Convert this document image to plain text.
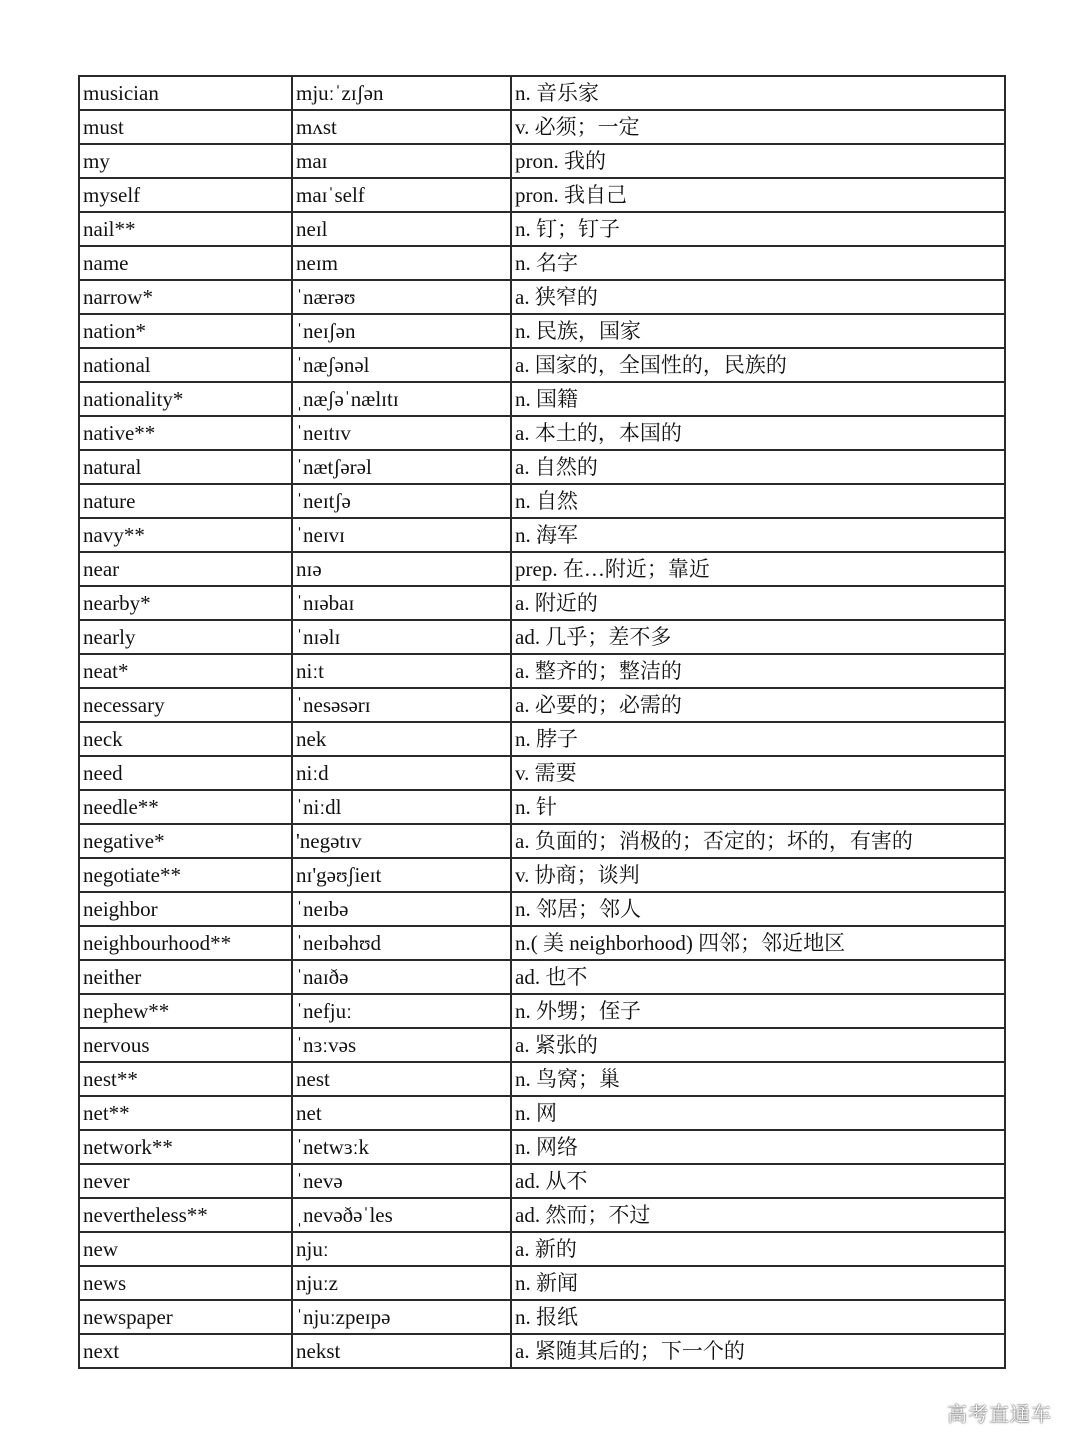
musician	mjuːˈzɪʃən	n. 音乐家
must	mʌst	v. 必须；一定
my	maɪ	pron. 我的
myself	maɪˈself	pron. 我自己
nail**	neɪl	n. 钉；钉子
name	neɪm	n. 名字
narrow*	ˈnærəʊ	a. 狭窄的
nation*	ˈneɪʃən	n. 民族，国家
national	ˈnæʃənəl	a. 国家的，全国性的，民族的
nationality*	ˌnæʃəˈnælɪtɪ	n. 国籍
native**	ˈneɪtɪv	a. 本土的，本国的
natural	ˈnætʃərəl	a. 自然的
nature	ˈneɪtʃə	n. 自然
navy**	ˈneɪvɪ	n. 海军
near	nɪə	prep. 在…附近；靠近
nearby*	ˈnɪəbaɪ	a. 附近的
nearly	ˈnɪəlɪ	ad. 几乎；差不多
neat*	niːt	a. 整齐的；整洁的
necessary	ˈnesəsərɪ	a. 必要的；必需的
neck	nek	n. 脖子
need	niːd	v. 需要
needle**	ˈniːdl	n. 针
negative*	'negətɪv	a. 负面的；消极的；否定的；坏的，有害的
negotiate**	nɪ'gəʊʃieɪt	v. 协商；谈判
neighbor	ˈneɪbə	n. 邻居；邻人
neighbourhood**	ˈneɪbəhʊd	n.( 美 neighborhood) 四邻；邻近地区
neither	ˈnaɪðə	ad. 也不
nephew**	ˈnefjuː	n. 外甥；侄子
nervous	ˈnɜːvəs	a. 紧张的
nest**	nest	n. 鸟窝；巢
net**	net	n. 网
network**	ˈnetwɜːk	n. 网络
never	ˈnevə	ad. 从不
nevertheless**	ˌnevəðəˈles	ad. 然而；不过
new	njuː	a. 新的
news	njuːz	n. 新闻
newspaper	ˈnjuːzpeɪpə	n. 报纸
next	nekst	a. 紧随其后的；下一个的
高考直通车
